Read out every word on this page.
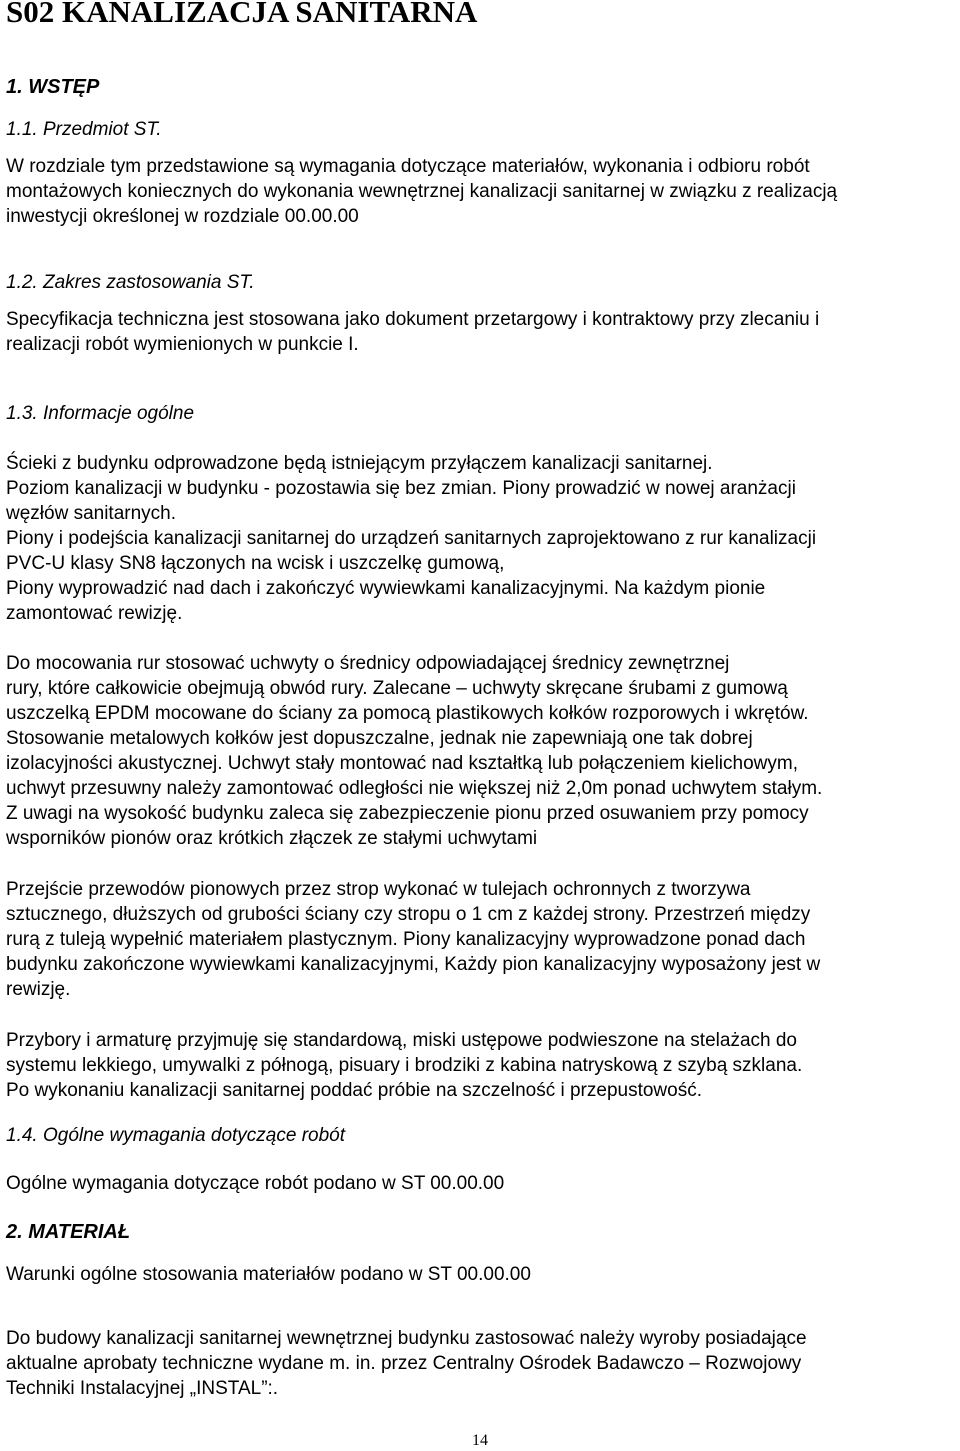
S02 KANALIZACJA SANITARNA
1. WSTĘP
1.1. Przedmiot ST.
W rozdziale tym przedstawione są wymagania dotyczące materiałów, wykonania i odbioru robót
montażowych koniecznych do wykonania wewnętrznej kanalizacji sanitarnej w związku z realizacją
inwestycji określonej w rozdziale 00.00.00
1.2. Zakres zastosowania ST.
Specyfikacja techniczna jest stosowana jako dokument przetargowy i kontraktowy przy zlecaniu i
realizacji robót wymienionych w punkcie I.
1.3. Informacje ogólne
Ścieki z budynku odprowadzone będą istniejącym przyłączem kanalizacji sanitarnej.
Poziom kanalizacji w budynku - pozostawia się bez zmian. Piony prowadzić w nowej aranżacji
węzłów sanitarnych.
Piony i podejścia kanalizacji sanitarnej do urządzeń sanitarnych zaprojektowano z rur kanalizacji
PVC-U klasy SN8 łączonych na wcisk i uszczelkę gumową,
Piony wyprowadzić nad dach i zakończyć wywiewkami kanalizacyjnymi. Na każdym pionie
zamontować rewizję.
Do mocowania rur stosować uchwyty o średnicy odpowiadającej średnicy zewnętrznej
rury, które całkowicie obejmują obwód rury. Zalecane – uchwyty skręcane śrubami z gumową
uszczelką EPDM mocowane do ściany za pomocą plastikowych kołków rozporowych i wkrętów.
Stosowanie metalowych kołków jest dopuszczalne, jednak nie zapewniają one tak dobrej
izolacyjności akustycznej. Uchwyt stały montować nad kształtką lub połączeniem kielichowym,
uchwyt przesuwny należy zamontować odległości nie większej niż 2,0m ponad uchwytem stałym.
Z uwagi na wysokość budynku zaleca się zabezpieczenie pionu przed osuwaniem przy pomocy
wsporników pionów oraz krótkich złączek ze stałymi uchwytami
Przejście przewodów pionowych przez strop wykonać w tulejach ochronnych z tworzywa
sztucznego, dłuższych od grubości ściany czy stropu o 1 cm z każdej strony. Przestrzeń między
rurą z tuleją wypełnić materiałem plastycznym. Piony kanalizacyjny wyprowadzone ponad dach
budynku zakończone wywiewkami kanalizacyjnymi, Każdy pion kanalizacyjny wyposażony jest w
rewizję.
Przybory i armaturę przyjmuję się standardową, miski ustępowe podwieszone na stelażach do
systemu lekkiego, umywalki z półnogą, pisuary i brodziki z kabina natryskową z szybą szklana.
Po wykonaniu kanalizacji sanitarnej poddać próbie na szczelność i przepustowość.
1.4. Ogólne wymagania dotyczące robót
Ogólne wymagania dotyczące robót podano w ST 00.00.00
2. MATERIAŁ
Warunki ogólne stosowania materiałów podano w ST 00.00.00
Do budowy kanalizacji sanitarnej wewnętrznej budynku zastosować należy wyroby posiadające
aktualne aprobaty techniczne wydane m. in. przez Centralny Ośrodek Badawczo – Rozwojowy
Techniki Instalacyjnej „INSTAL”:.
14
